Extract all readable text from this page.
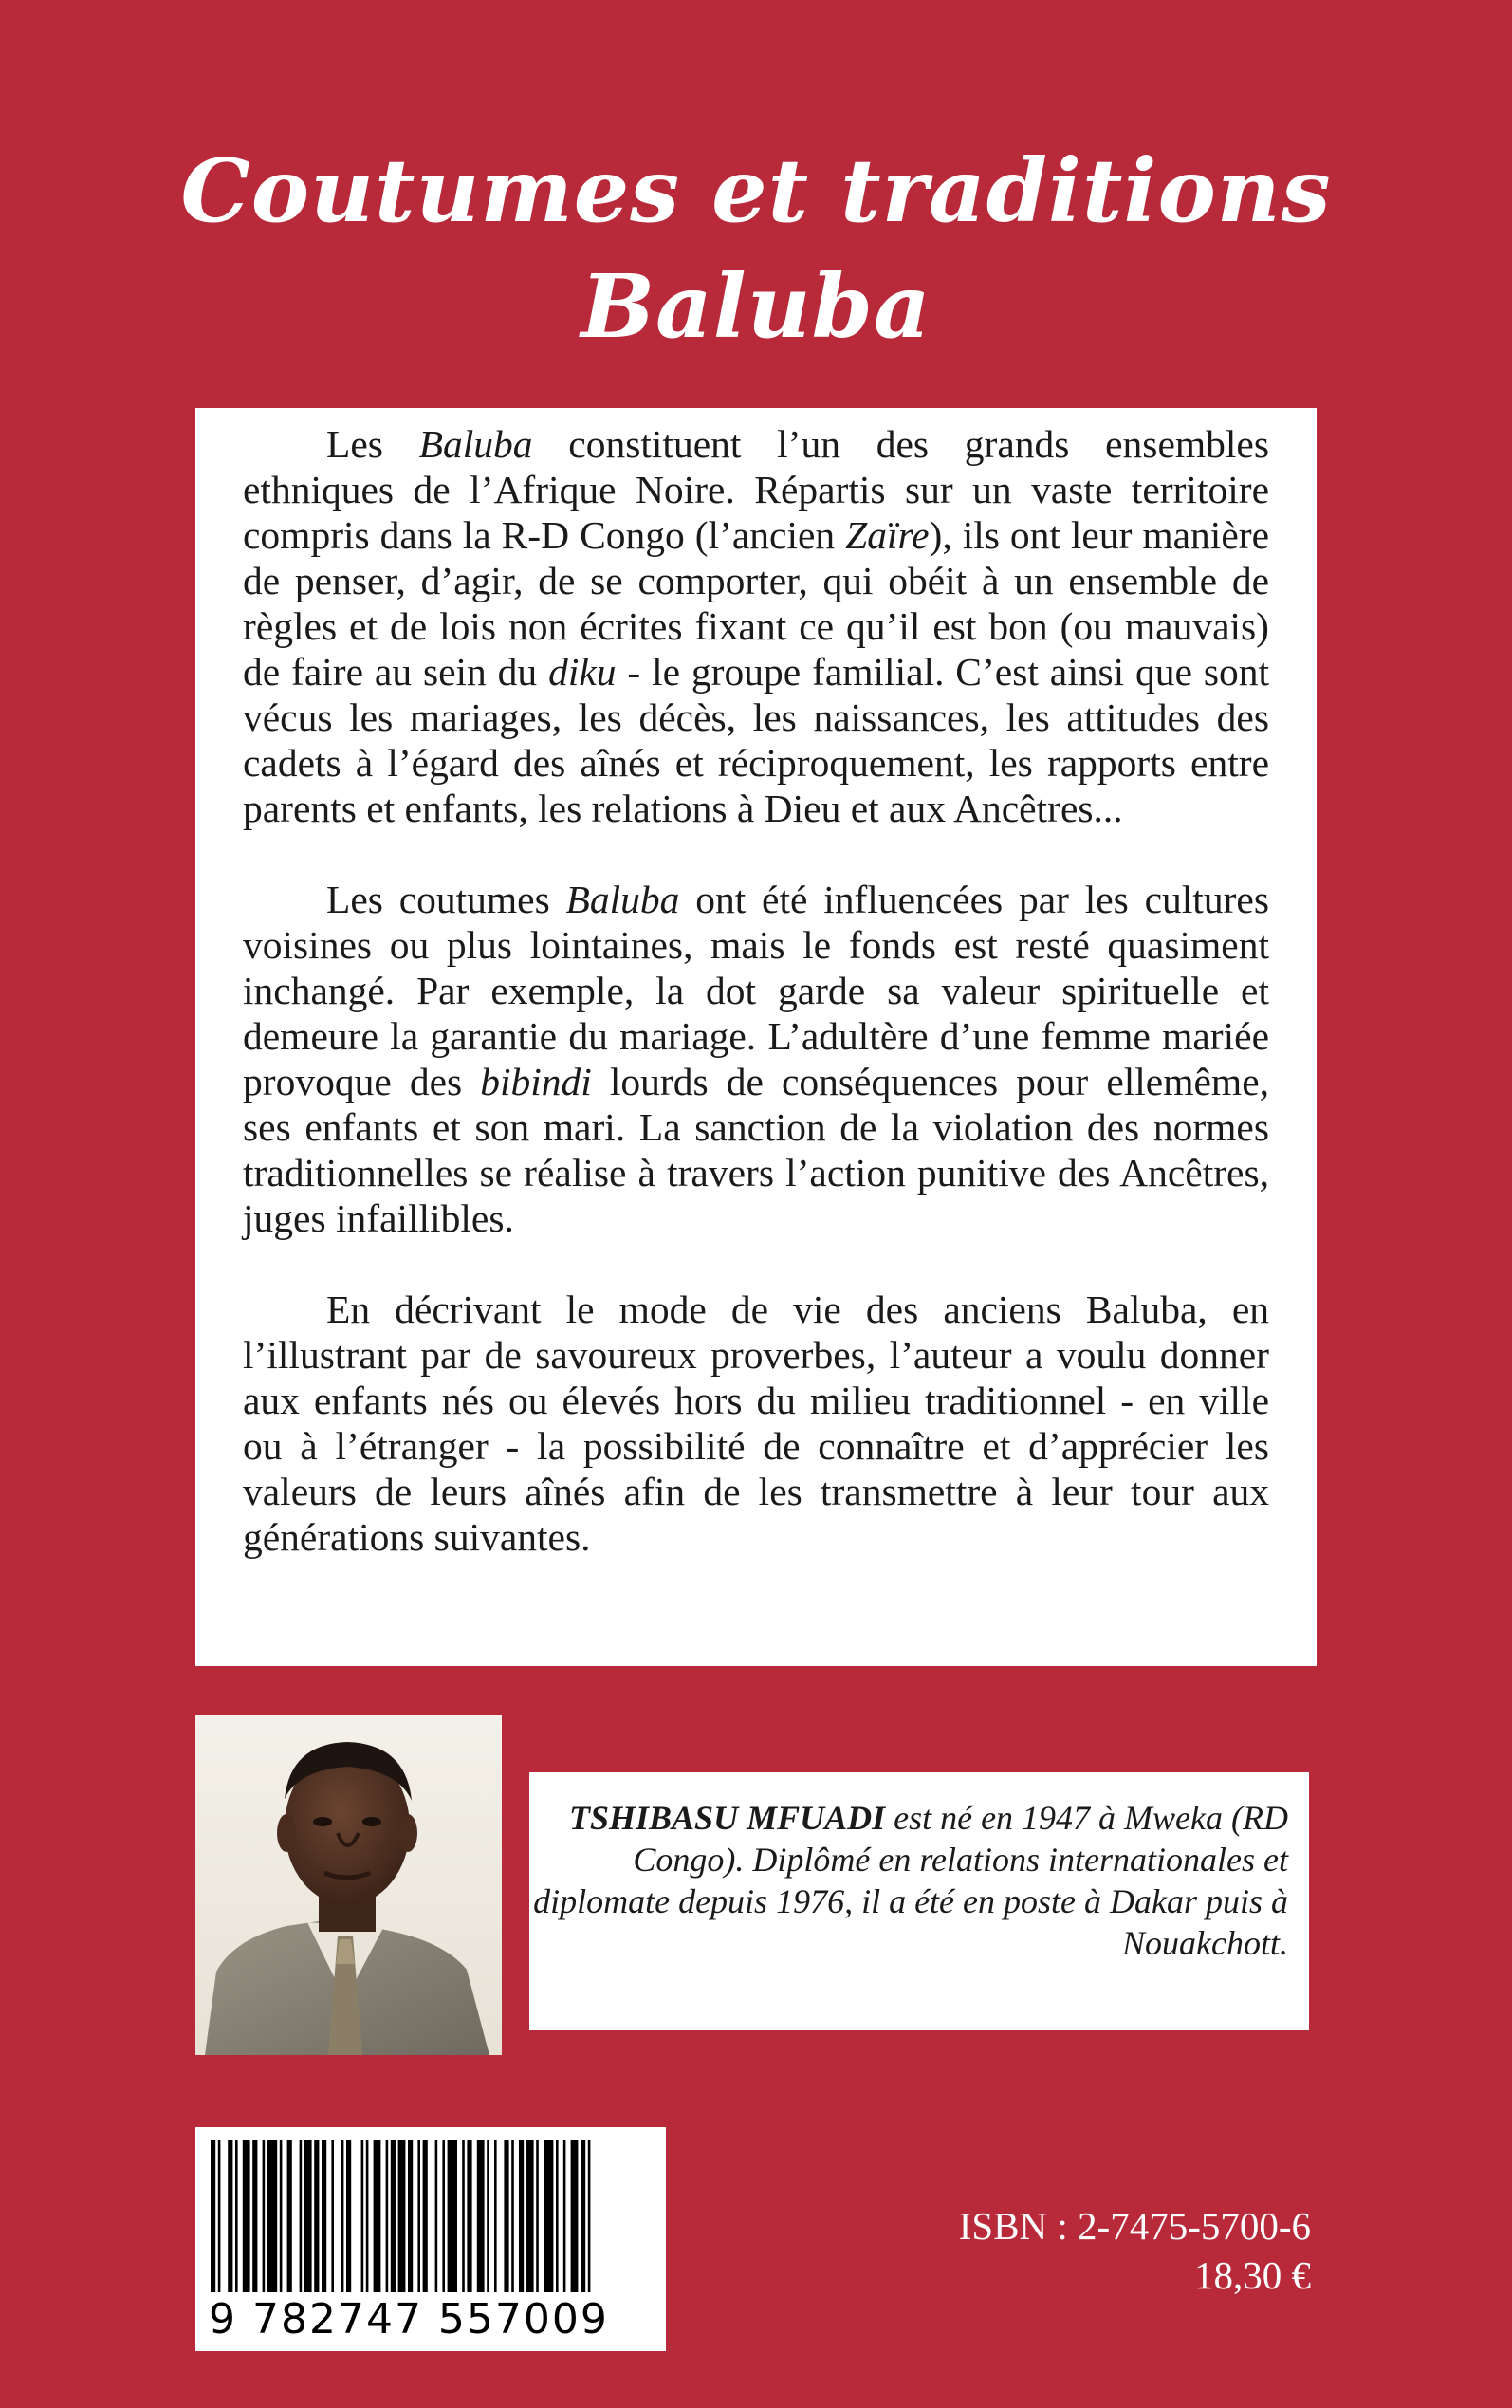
Coutumes et traditions
Baluba

Les Baluba constituent l’un des grands ensembles ethniques de l’Afrique Noire. Répartis sur un vaste territoire compris dans la R-D Congo (l’ancien Zaïre), ils ont leur manière de penser, d’agir, de se comporter, qui obéit à un ensemble de règles et de lois non écrites fixant ce qu’il est bon (ou mauvais) de faire au sein du diku - le groupe familial. C’est ainsi que sont vécus les mariages, les décès, les naissances, les attitudes des cadets à l’égard des aînés et réciproquement, les rapports entre parents et enfants, les relations à Dieu et aux Ancêtres...

Les coutumes Baluba ont été influencées par les cultures voisines ou plus lointaines, mais le fonds est resté quasiment inchangé. Par exemple, la dot garde sa valeur spirituelle et demeure la garantie du mariage. L’adultère d’une femme mariée provoque des bibindi lourds de conséquences pour ellemême, ses enfants et son mari. La sanction de la violation des normes traditionnelles se réalise à travers l’action punitive des Ancêtres, juges infaillibles.

En décrivant le mode de vie des anciens Baluba, en l’illustrant par de savoureux proverbes, l’auteur a voulu donner aux enfants nés ou élevés hors du milieu traditionnel - en ville ou à l’étranger - la possibilité de connaître et d’apprécier les valeurs de leurs aînés afin de les transmettre à leur tour aux générations suivantes.

TSHIBASU MFUADI est né en 1947 à Mweka (RD Congo). Diplômé en relations internationales et diplomate depuis 1976, il a été en poste à Dakar puis à Nouakchott.
9 782747 557009
ISBN : 2-7475-5700-6
18,30 €
